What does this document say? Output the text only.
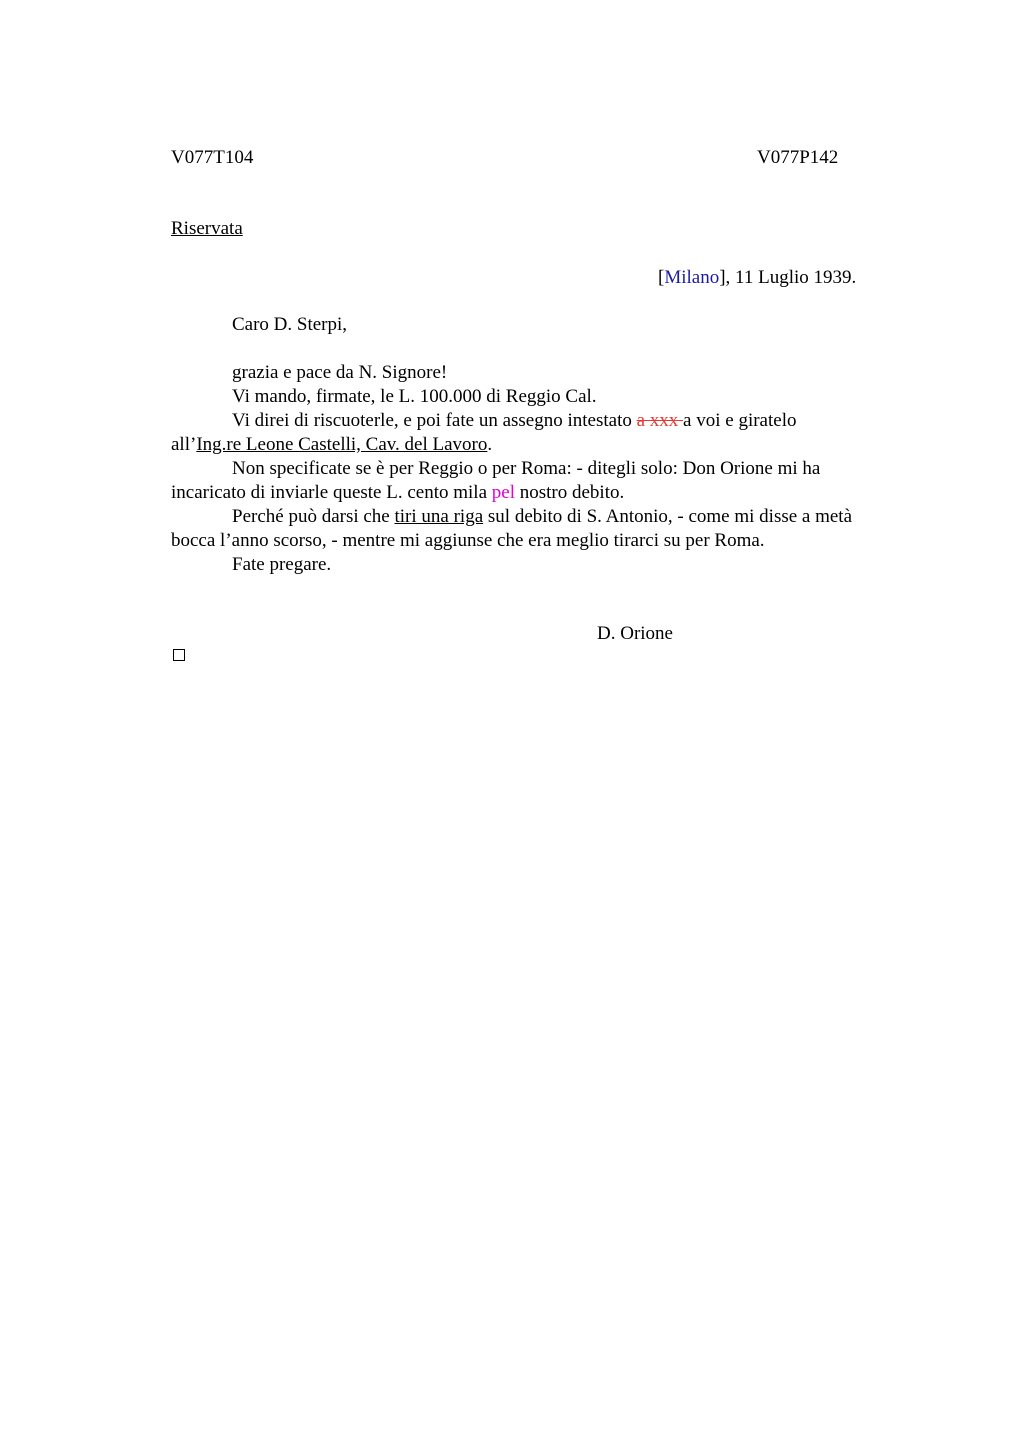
V077T104	V077P142
Riservata
[Milano], 11 Luglio 1939.
Caro D. Sterpi,
grazia e pace da N. Signore!
Vi mando, firmate, le L. 100.000 di Reggio Cal.
Vi direi di riscuoterle, e poi fate un assegno intestato a xxx a voi e giratelo
all’Ing.re Leone Castelli, Cav. del Lavoro.
Non specificate se è per Reggio o per Roma: - ditegli solo: Don Orione mi ha
incaricato di inviarle queste L. cento mila pel nostro debito.
Perché può darsi che tiri una riga sul debito di S. Antonio, - come mi disse a metà
bocca l’anno scorso, - mentre mi aggiunse che era meglio tirarci su per Roma.
Fate pregare.
D. Orione
